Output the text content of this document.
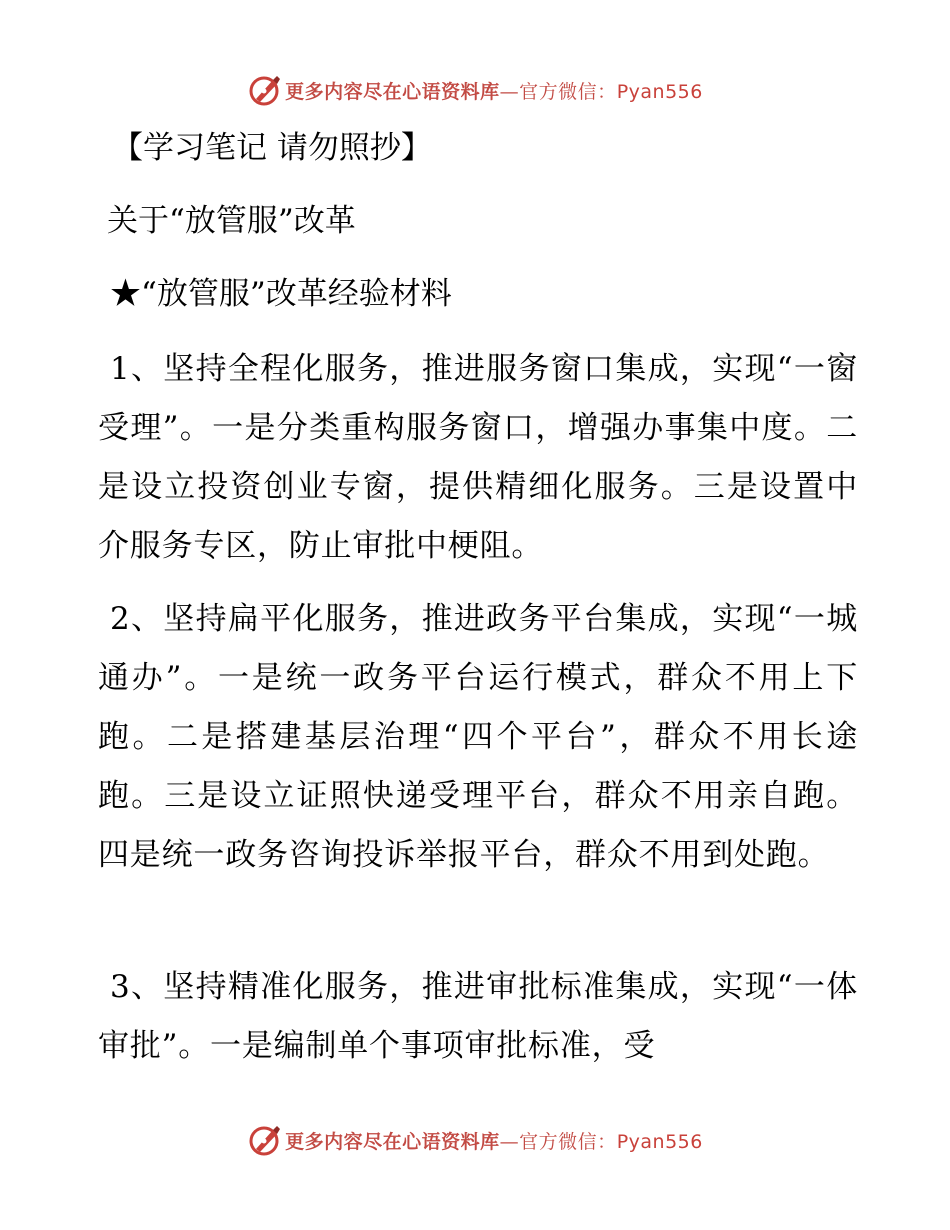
更多内容尽在心语资料库—官方微信：Pyan556
【学习笔记 请勿照抄】
关于“放管服”改革
★“放管服”改革经验材料
1、坚持全程化服务，推进服务窗口集成，实现“一窗受理”。一是分类重构服务窗口，增强办事集中度。二是设立投资创业专窗，提供精细化服务。三是设置中介服务专区，防止审批中梗阻。
2、坚持扁平化服务，推进政务平台集成，实现“一城通办”。一是统一政务平台运行模式，群众不用上下跑。二是搭建基层治理“四个平台”，群众不用长途跑。三是设立证照快递受理平台，群众不用亲自跑。四是统一政务咨询投诉举报平台，群众不用到处跑。
3、坚持精准化服务，推进审批标准集成，实现“一体审批”。一是编制单个事项审批标准，受
更多内容尽在心语资料库—官方微信：Pyan556
